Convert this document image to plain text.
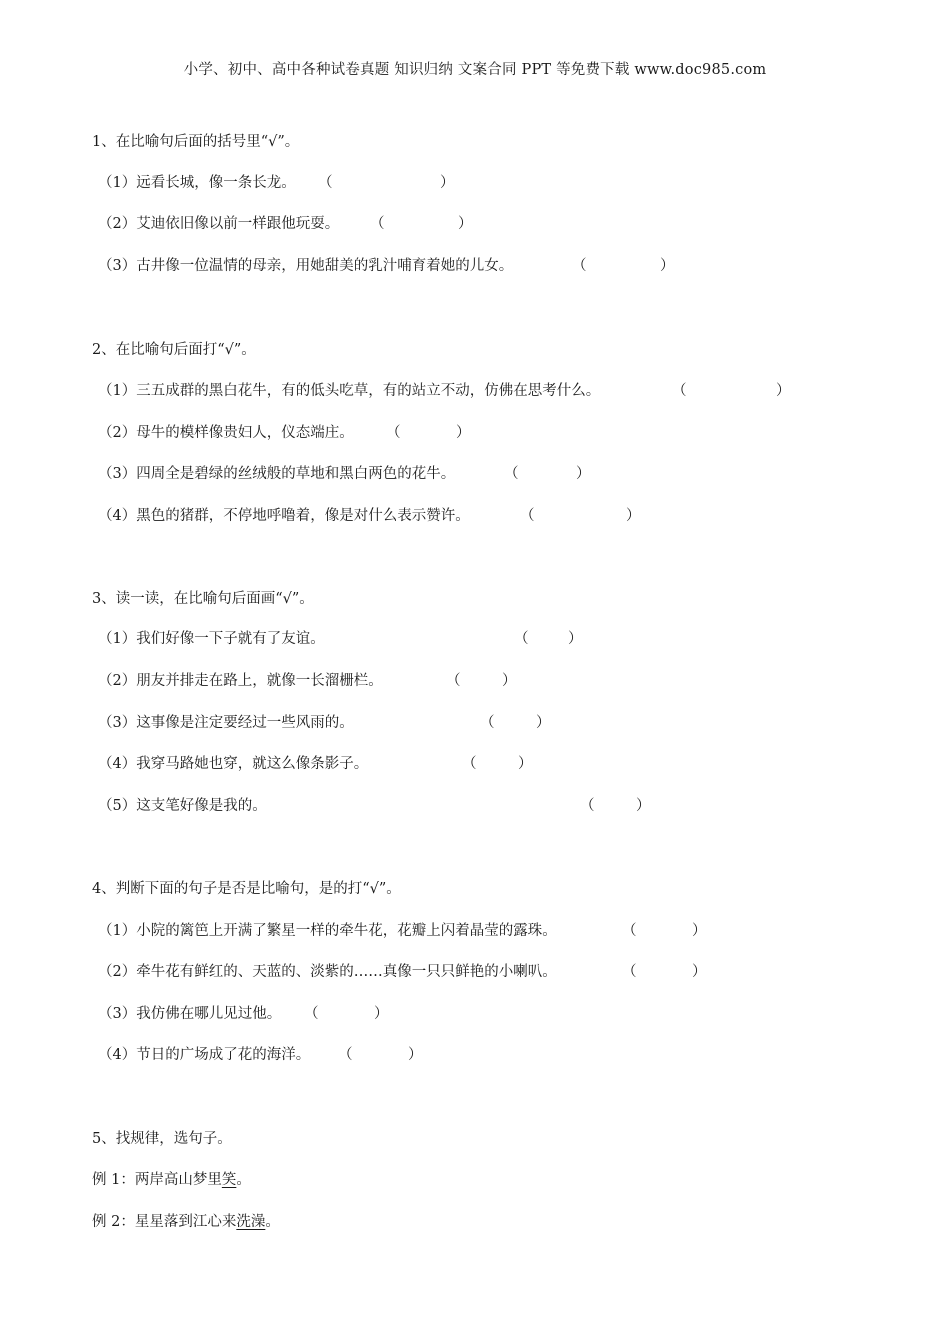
小学、初中、高中各种试卷真题 知识归纳 文案合同 PPT 等免费下载 www.doc985.com
1、在比喻句后面的括号里“√”。
（1）远看长城，像一条长龙。 （	）
（2）艾迪依旧像以前一样跟他玩耍。 （	）
（3）古井像一位温情的母亲，用她甜美的乳汁哺育着她的儿女。	（	）
2、在比喻句后面打“√”。
（1）三五成群的黑白花牛，有的低头吃草，有的站立不动，仿佛在思考什么。	（	）
（2）母牛的模样像贵妇人，仪态端庄。 （	）
（3）四周全是碧绿的丝绒般的草地和黑白两色的花牛。	（	）
（4）黑色的猪群，不停地呼噜着，像是对什么表示赞许。	（	）
3、读一读，在比喻句后面画“√”。
（1）我们好像一下子就有了友谊。	（	）
（2）朋友并排走在路上，就像一长溜栅栏。	（	）
（3）这事像是注定要经过一些风雨的。	（	）
（4）我穿马路她也穿，就这么像条影子。	（	）
（5）这支笔好像是我的。	（	）
4、判断下面的句子是否是比喻句，是的打“√”。
（1）小院的篱笆上开满了繁星一样的牵牛花，花瓣上闪着晶莹的露珠。	（	）
（2）牵牛花有鲜红的、天蓝的、淡紫的……真像一只只鲜艳的小喇叭。	（	）
（3）我仿佛在哪儿见过他。 （	）
（4）节日的广场成了花的海洋。 （	）
5、找规律，选句子。
例 1：两岸高山梦里笑。
例 2：星星落到江心来洗澡。
